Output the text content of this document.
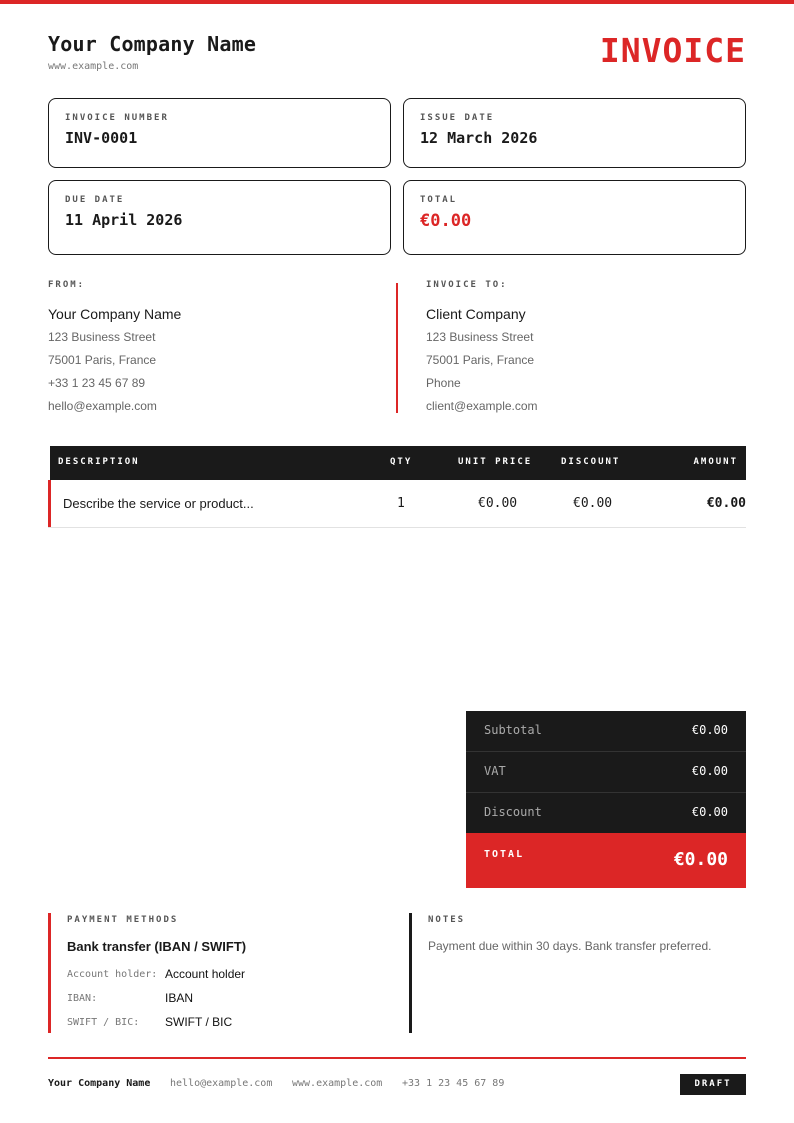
Your Company Name
www.example.com	INVOICE
INVOICE NUMBER
INV-0001
ISSUE DATE
12 March 2026
DUE DATE
11 April 2026
TOTAL
€0.00
FROM:
Your Company Name
123 Business Street
75001 Paris, France
+33 1 23 45 67 89
hello@example.com
INVOICE TO:
Client Company
123 Business Street
75001 Paris, France
Phone
client@example.com
DESCRIPTION	QTY	UNIT PRICE	DISCOUNT	AMOUNT
Describe the service or product...	1	€0.00	€0.00	€0.00
Subtotal	€0.00
VAT	€0.00
Discount	€0.00
TOTAL	€0.00
PAYMENT METHODS
Bank transfer (IBAN / SWIFT)
Account holder: Account holder
IBAN:	IBAN
SWIFT / BIC: SWIFT / BIC
NOTES
Payment due within 30 days. Bank transfer preferred.
Your Company Name hello@example.com www.example.com +33 1 23 45 67 89	DRAFT
